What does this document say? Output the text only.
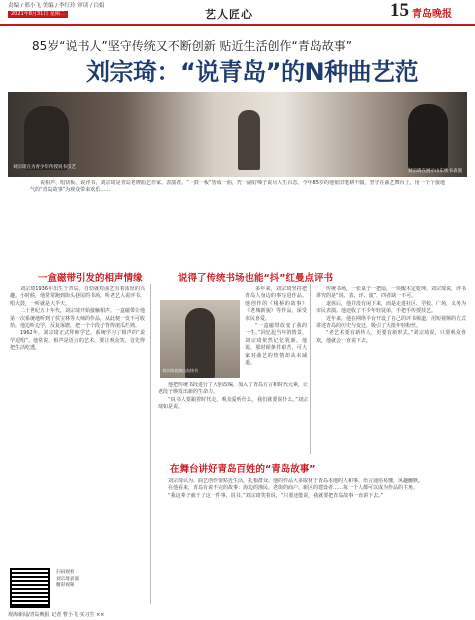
责编 / 邢小飞 美编 / 李红玲 审读 / 白娟
2021年8月31日 星期二	艺人匠心	15 青岛晚报
85岁“说书人”坚守传统又不断创新 贴近生活创作“青岛故事”
刘宗琦：“说青岛”的N种曲艺范
刘宗琦在为青少年传授说书技艺
刘宗琦在展示山东快书表演

说相声、唱快板、说评书，刘宗琦是青岛老牌曲艺作家、表演者。“一鼓一板”皆成一曲，凭一副好嗓子说尽人生百态。今年85岁的他依旧笔耕不辍，坚守在曲艺舞台上，用一个个接地气的“青岛故事”为观众带来欢乐……

一盒磁带引发的相声情缘	说得了传统书场也能“抖”红曼点评书
在舞台讲好青岛百姓的“青岛故事”

刘宗琦1936年出生于青岛，自幼就对曲艺有着浓厚的兴趣。小时候，他常常跑到街头巷尾的书场，听老艺人说评书、唱大鼓，一听就是大半天。

二十世纪五十年代，刘宗琦开始接触相声。一盒磁带让他第一次系统地听到了侯宝林等大师的作品，从此便一发不可收拾。他边听边学，反复琢磨，把一个个段子背得滚瓜烂熟。

1962年，刘宗琦正式拜师学艺，系统学习了相声的“说学逗唱”。他常说，相声是语言的艺术，要让观众笑，首先得把生活吃透。

刘宗琦表演山东快书

多年来，刘宗琦坚持把青岛人身边的事写进作品。他创作的《栈桥的故事》《老城新貌》等作品，深受市民喜爱。

“一盒磁带改变了我的一生。”回忆起当年的情景，刘宗琦依然记忆犹新。他说，那时候条件艰苦，可大家对曲艺的热情却从未减退。

他把传统书段进行了大胆改编，加入了青岛方言和时代元素，让老段子焕发出新的生命力。

“说书人要跟着时代走，观众爱听什么，我们就要说什么。”刘宗琦如是说。

传统书场，一张桌子一把扇，一块醒木定乾坤。刘宗琦说，评书讲究的是“说、表、评、演”，四者缺一不可。

退休后，他并没有闲下来，而是走进社区、学校、广场，义务为市民表演。他还收了不少年轻徒弟，手把手传授技艺。

近年来，他在网络平台开设了自己的评书频道，用短视频的方式讲述青岛的历史与变迁，吸引了大批年轻粉丝。

“老艺术要有新传人，更要有新形式。”刘宗琦说，只要观众喜欢，他就会一直说下去。

刘宗琦认为，曲艺创作要贴近生活，扎根群众。他的作品大多取材于青岛本地的人和事，语言通俗易懂，风趣幽默。

在他看来，青岛有说不完的故事：海边的渔民、老街的商户、新区的建设者……每一个人都可以成为作品的主角。

“我这辈子就干了这一件事，说书。”刘宗琦笑着说，“只要还能说，我就要把青岛故事一直讲下去。”

扫码观看
刘宗琦表演
精彩视频
观海新闻/青岛晚报 记者 曹小飞 实习生 ××
